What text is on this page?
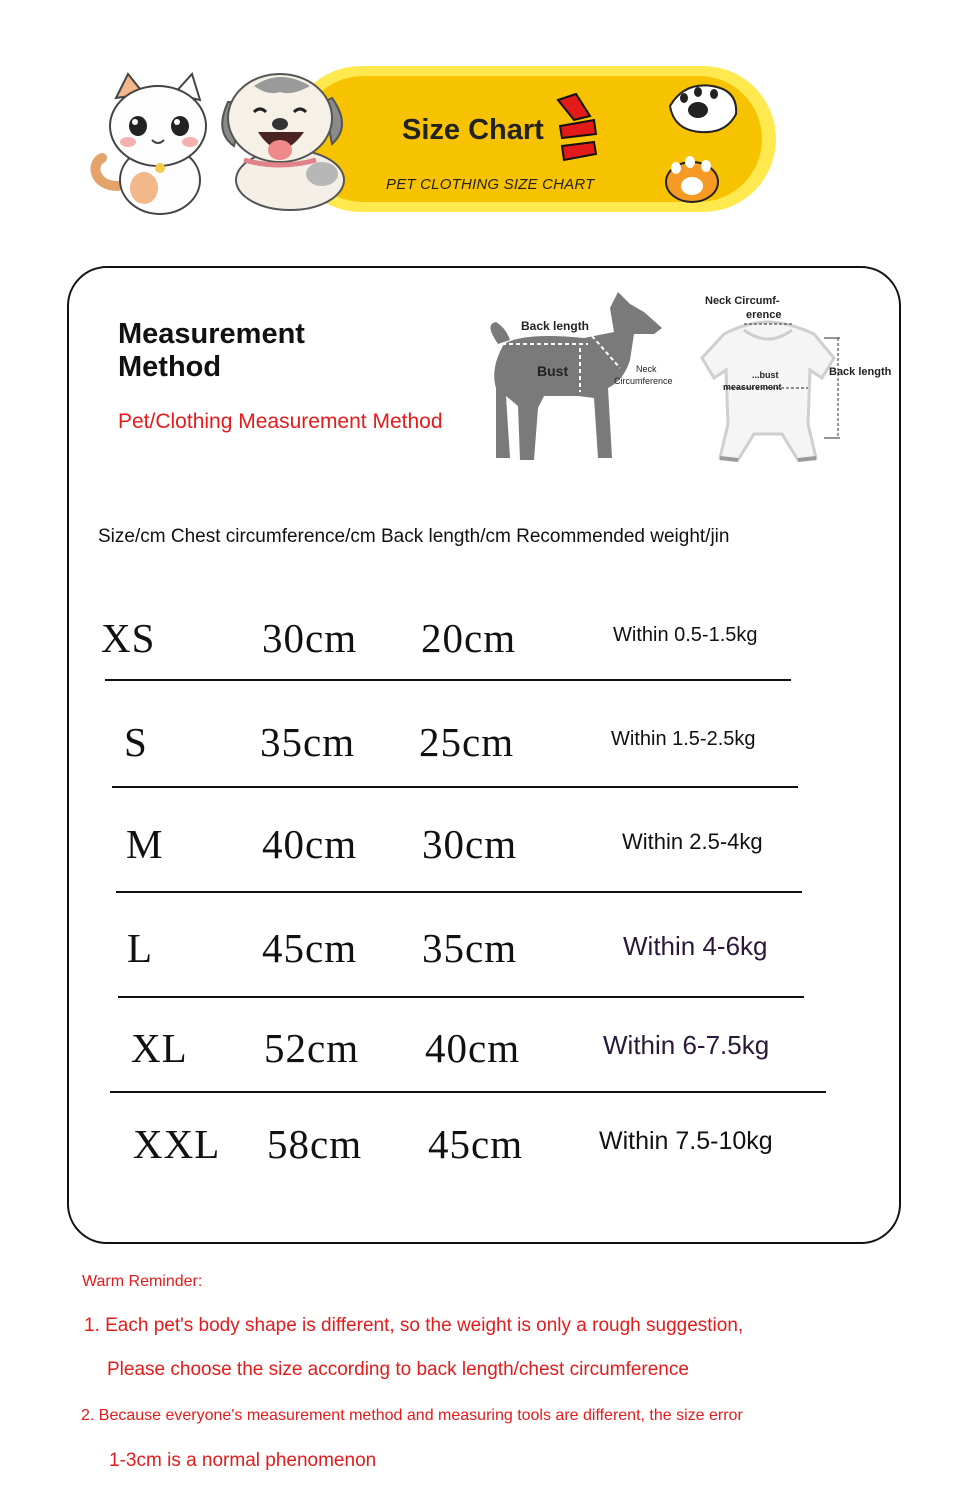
Size Chart
PET CLOTHING SIZE CHART
Measurement
Method
Pet/Clothing Measurement Method
Back length
Bust	Neck
Circumference
Neck Circumf-
erence
...bust
measurement
Back length
Size/cm Chest circumference/cm Back length/cm Recommended weight/jin
XS	30cm 20cm	Within 0.5-1.5kg
S	35cm 25cm	Within 1.5-2.5kg
M 40cm 30cm	Within 2.5-4kg
L	45cm 35cm	Within 4-6kg
XL 52cm 40cm	Within 6-7.5kg
XXL 58cm 45cm	Within 7.5-10kg
Warm Reminder:
1. Each pet's body shape is different, so the weight is only a rough suggestion,
Please choose the size according to back length/chest circumference
2. Because everyone's measurement method and measuring tools are different, the size error
1-3cm is a normal phenomenon
